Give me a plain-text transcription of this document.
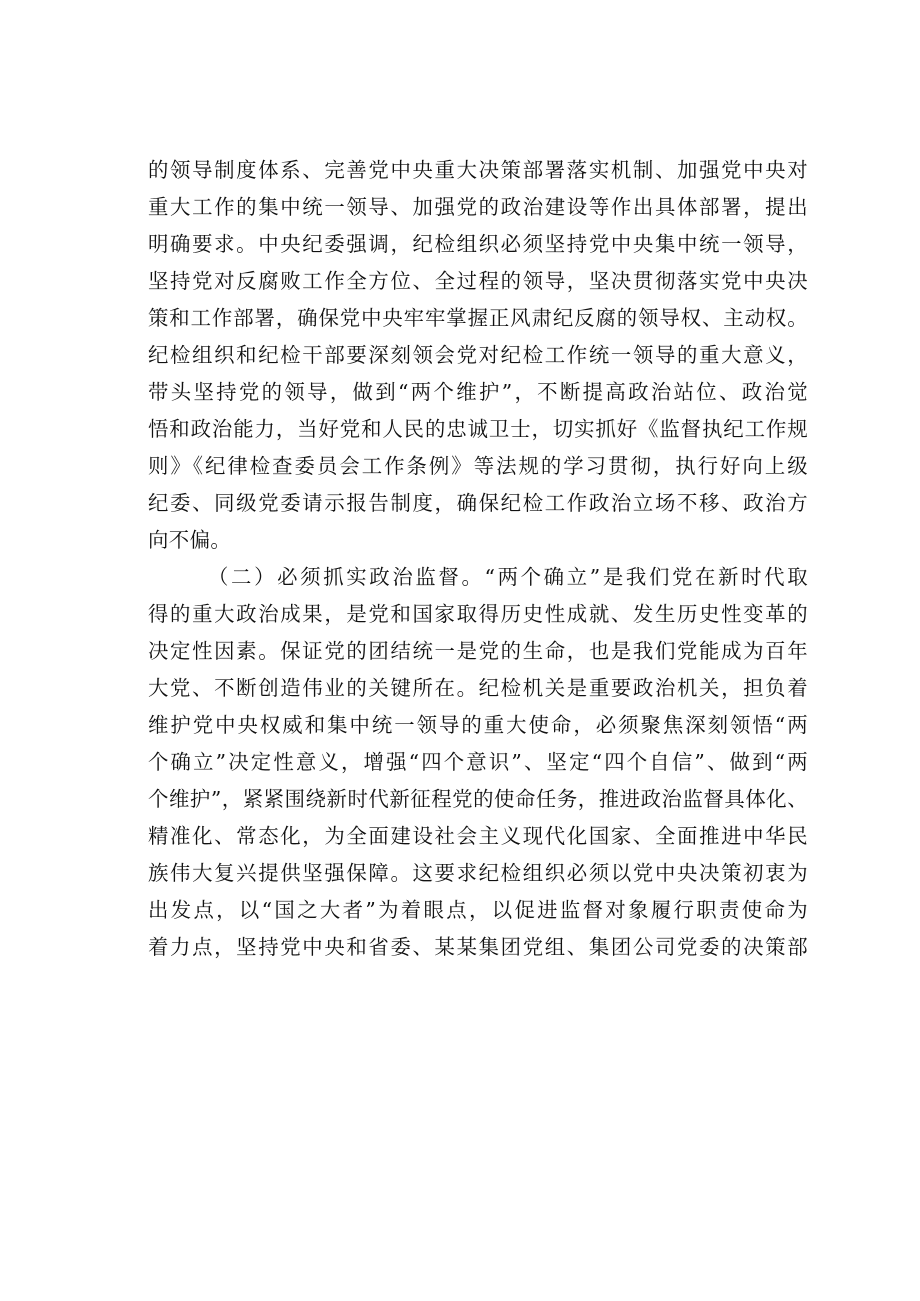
的领导制度体系、完善党中央重大决策部署落实机制、加强党中央对
重大工作的集中统一领导、加强党的政治建设等作出具体部署，提出
明确要求。中央纪委强调，纪检组织必须坚持党中央集中统一领导，
坚持党对反腐败工作全方位、全过程的领导，坚决贯彻落实党中央决
策和工作部署，确保党中央牢牢掌握正风肃纪反腐的领导权、主动权。
纪检组织和纪检干部要深刻领会党对纪检工作统一领导的重大意义，
带头坚持党的领导，做到“两个维护”，不断提高政治站位、政治觉
悟和政治能力，当好党和人民的忠诚卫士，切实抓好《监督执纪工作规
则》《纪律检查委员会工作条例》等法规的学习贯彻，执行好向上级
纪委、同级党委请示报告制度，确保纪检工作政治立场不移、政治方
向不偏。
（二）必须抓实政治监督。“两个确立”是我们党在新时代取
得的重大政治成果，是党和国家取得历史性成就、发生历史性变革的
决定性因素。保证党的团结统一是党的生命，也是我们党能成为百年
大党、不断创造伟业的关键所在。纪检机关是重要政治机关，担负着
维护党中央权威和集中统一领导的重大使命，必须聚焦深刻领悟“两
个确立”决定性意义，增强“四个意识”、坚定“四个自信”、做到“两
个维护”，紧紧围绕新时代新征程党的使命任务，推进政治监督具体化、
精准化、常态化，为全面建设社会主义现代化国家、全面推进中华民
族伟大复兴提供坚强保障。这要求纪检组织必须以党中央决策初衷为
出发点，以“国之大者”为着眼点，以促进监督对象履行职责使命为
着力点，坚持党中央和省委、某某集团党组、集团公司党委的决策部
